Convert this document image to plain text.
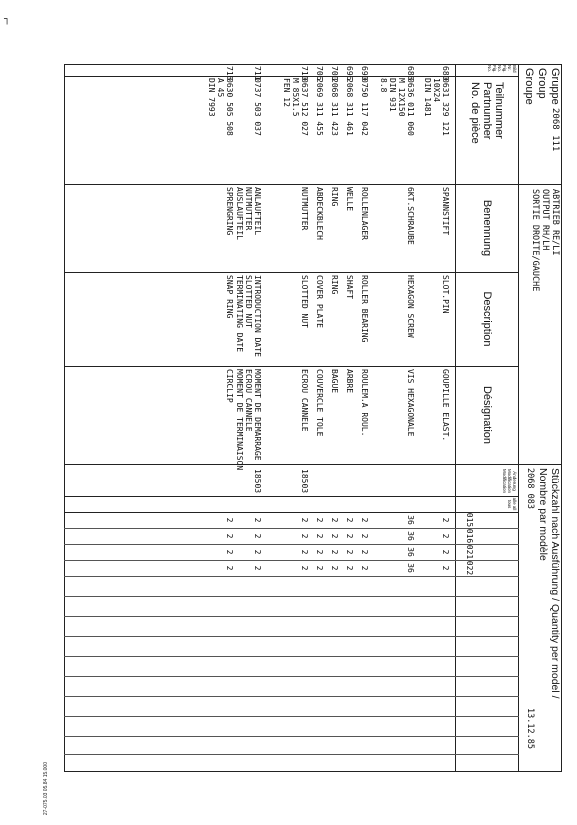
┐
27-075.03 05.84 15.000
Gruppe
Group
Groupe
2068 111
ABTRIEB RE/LI
OUTPUT RH/LH
SORTIE DROITE/GAUCHE
Stückzahl nach Ausführung / Quantity per model /
Nombre par modèle
2068 083
13.12.85
Bild Nr. Fig. No. Fig. No.
Teilnummer
Partnumber
No. de pièce
Benennung
Description
Désignation
Änderung Modification Modification
alle all tous
015
016
021
022
680
0631 329 121
10X24
DIN 1481
SPANNSTIFT
SLOT.PIN
GOUPILLE ELAST.
2
2
2
2
686
0636 011 060
M 12X150
DIN 931
8.8
6KT.SCHRAUBE
HEXAGON SCREW
VIS HEXAGONALE
36
36
36
36
690
0750 117 042
ROLLENLAGER
ROLLER BEARING
ROULEM.A ROUL.
2
2
2
2
696
2068 311 461
WELLE
SHAFT
ARBRE
2
2
2
2
700
2068 311 423
RING
RING
BAGUE
2
2
2
2
706
2069 311 455
ABDECKBLECH
COVER PLATE
COUVERCLE TOLE
2
2
2
2
710
0637 512 027
M 85X1.5
FEN 12
NUTMUTTER
SLOTTED NUT
ECROU CANNELE
18503
2
2
2
2
711
0737 503 037
ANLAUFTEIL
NUTMUTTER
AUSLAUFTEIL
INTRODUCTION DATE
SLOTTED NUT
TERMINATING DATE
MOMENT DE DEMARRAGE
ECROU CANNELE
MOMENT DE TERMINAISON
18503
2
2
2
2
716
0630 505 508
A 45
DIN 7993
SPRENGRING
SNAP RING
CIRCLIP
2
2
2
2
